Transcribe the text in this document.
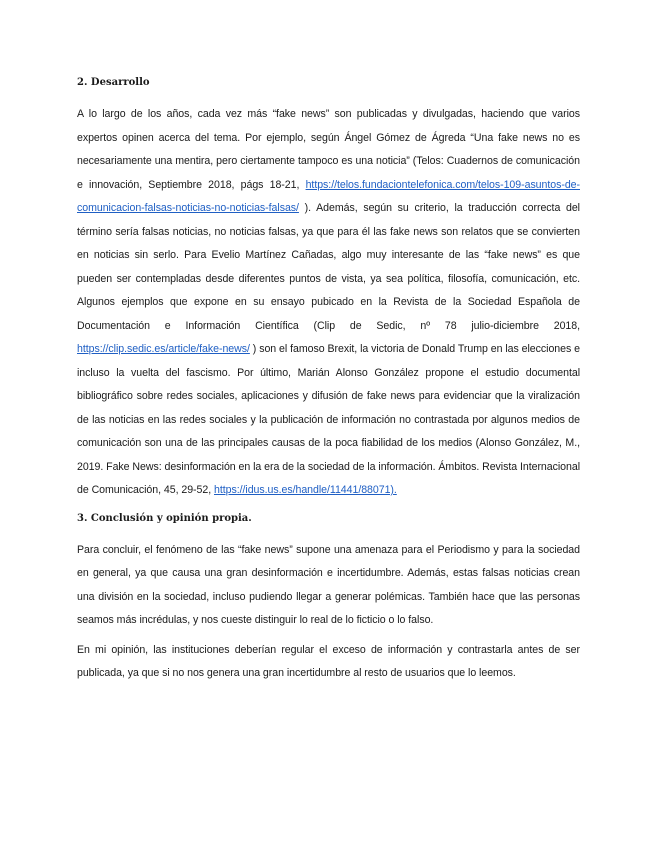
2. Desarrollo

A lo largo de los años, cada vez más “fake news” son publicadas y divulgadas, haciendo que varios expertos opinen acerca del tema. Por ejemplo, según Ángel Gómez de Ágreda “Una fake news no es necesariamente una mentira, pero ciertamente tampoco es una noticia” (Telos: Cuadernos de comunicación e innovación, Septiembre 2018, págs 18-21, https://telos.fundaciontelefonica.com/telos-109-asuntos-de-comunicacion-falsas-noticias-no-noticias-falsas/ ). Además, según su criterio, la traducción correcta del término sería falsas noticias, no noticias falsas, ya que para él las fake news son relatos que se convierten en noticias sin serlo. Para Evelio Martínez Cañadas, algo muy interesante de las “fake news” es que pueden ser contempladas desde diferentes puntos de vista, ya sea política, filosofía, comunicación, etc. Algunos ejemplos que expone en su ensayo pubicado en la Revista de la Sociedad Española de Documentación e Información Científica (Clip de Sedic, nº 78 julio-diciembre 2018, https://clip.sedic.es/article/fake-news/ ) son el famoso Brexit, la victoria de Donald Trump en las elecciones e incluso la vuelta del fascismo. Por último, Marián Alonso González propone el estudio documental bibliográfico sobre redes sociales, aplicaciones y difusión de fake news para evidenciar que la viralización de las noticias en las redes sociales y la publicación de información no contrastada por algunos medios de comunicación son una de las principales causas de la poca fiabilidad de los medios (Alonso González, M., 2019. Fake News: desinformación en la era de la sociedad de la información. Ámbitos. Revista Internacional de Comunicación, 45, 29-52, https://idus.us.es/handle/11441/88071).

3. Conclusión y opinión propia.

Para concluir, el fenómeno de las “fake news” supone una amenaza para el Periodismo y para la sociedad en general, ya que causa una gran desinformación e incertidumbre. Además, estas falsas noticias crean una división en la sociedad, incluso pudiendo llegar a generar polémicas. También hace que las personas seamos más incrédulas, y nos cueste distinguir lo real de lo ficticio o lo falso.

En mi opinión, las instituciones deberían regular el exceso de información y contrastarla antes de ser publicada, ya que si no nos genera una gran incertidumbre al resto de usuarios que lo leemos.
